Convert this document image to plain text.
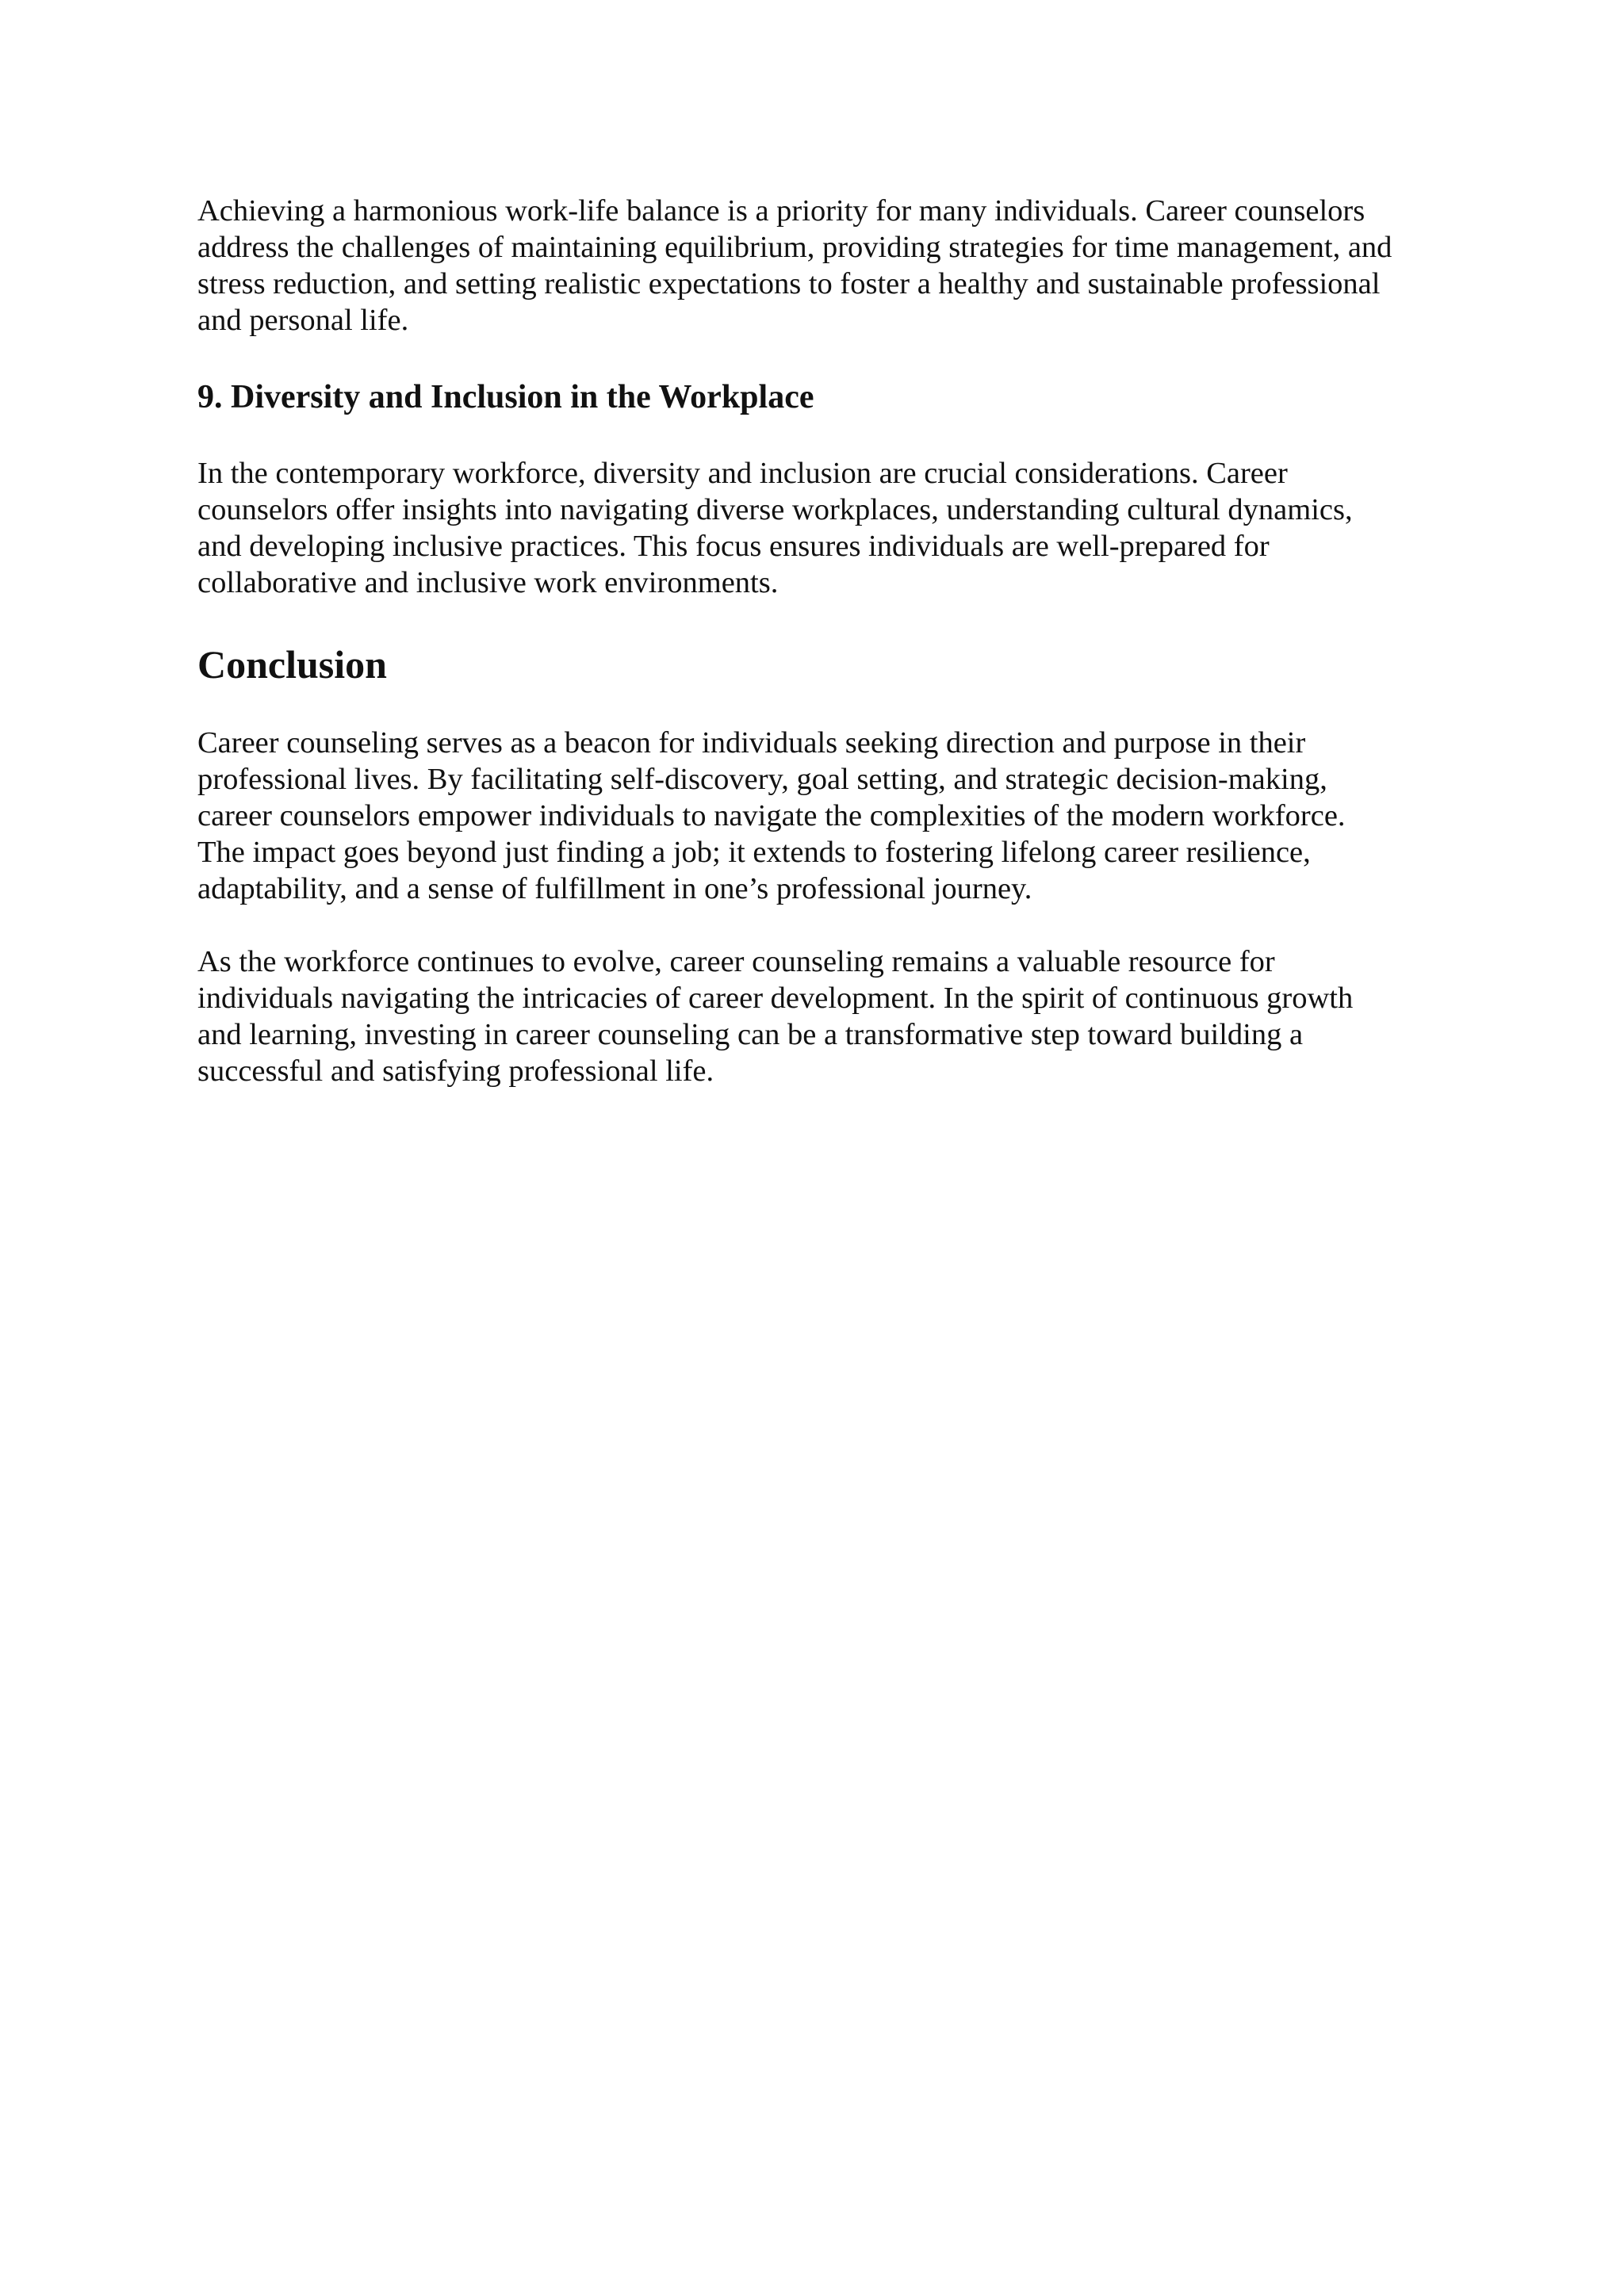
Achieving a harmonious work-life balance is a priority for many individuals. Career counselors
address the challenges of maintaining equilibrium, providing strategies for time management, and
stress reduction, and setting realistic expectations to foster a healthy and sustainable professional
and personal life.

9. Diversity and Inclusion in the Workplace

In the contemporary workforce, diversity and inclusion are crucial considerations. Career
counselors offer insights into navigating diverse workplaces, understanding cultural dynamics,
and developing inclusive practices. This focus ensures individuals are well-prepared for
collaborative and inclusive work environments.

Conclusion

Career counseling serves as a beacon for individuals seeking direction and purpose in their
professional lives. By facilitating self-discovery, goal setting, and strategic decision-making,
career counselors empower individuals to navigate the complexities of the modern workforce.
The impact goes beyond just finding a job; it extends to fostering lifelong career resilience,
adaptability, and a sense of fulfillment in one’s professional journey.

As the workforce continues to evolve, career counseling remains a valuable resource for
individuals navigating the intricacies of career development. In the spirit of continuous growth
and learning, investing in career counseling can be a transformative step toward building a
successful and satisfying professional life.
